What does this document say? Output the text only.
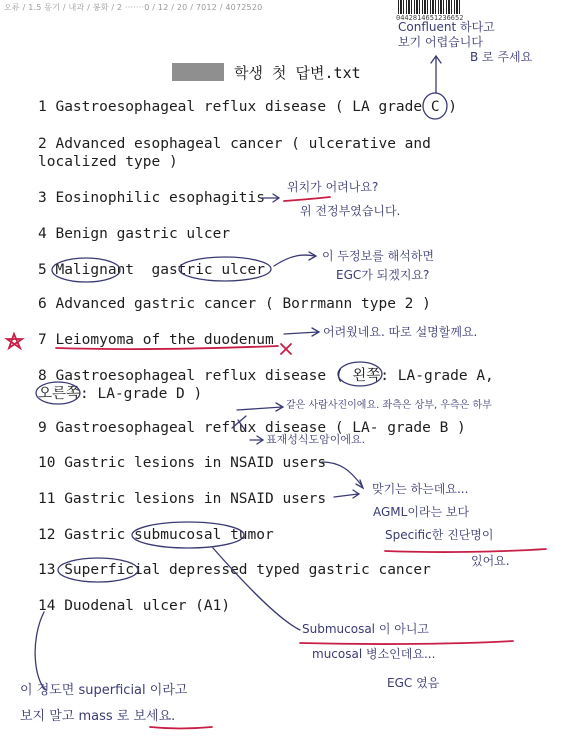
오류 / 1.5 동기 / 내과 / 봉화 / 2 ·······0 / 12 / 20 / 7012 / 4072520
0442814651236652
학생 첫 답변.txt
1 Gastroesophageal reflux disease ( LA grade C )
2 Advanced esophageal cancer ( ulcerative and
localized type )
3 Eosinophilic esophagitis
4 Benign gastric ulcer
5 Malignant  gastric ulcer
6 Advanced gastric cancer ( Borrmann type 2 )
7 Leiomyoma of the duodenum
8 Gastroesophageal reflux disease ( 왼쪽: LA-grade A,
오른쪽: LA-grade D )
9 Gastroesophageal reflux disease ( LA- grade B )
10 Gastric lesions in NSAID users
11 Gastric lesions in NSAID users
12 Gastric submucosal tumor
13 Superficial depressed typed gastric cancer
14 Duodenal ulcer (A1)
Confluent 하다고
보기 어렵습니다
B 로 주세요
위치가 어려나요?
위 전정부였습니다.
이 두정보를 해석하면
EGC가 되겠지요?
어려웠네요. 따로 설명할께요.
같은 사람사진이에요. 좌측은 상부, 우측은 하부
표재성식도암이에요.
맞기는 하는데요...
AGML이라는 보다
Specific한 진단명이
있어요.
Submucosal 이 아니고
mucosal 병소인데요...
EGC 였음
이 정도면 superficial 이라고
보지 말고 mass 로 보세요.
